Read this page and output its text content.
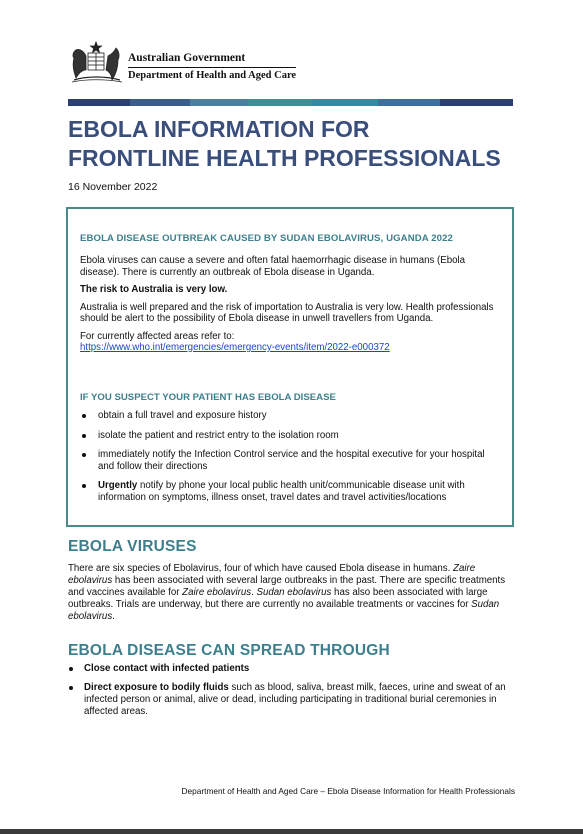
Australian Government
Department of Health and Aged Care
EBOLA INFORMATION FOR
FRONTLINE HEALTH PROFESSIONALS
16 November 2022
EBOLA DISEASE OUTBREAK CAUSED BY SUDAN EBOLAVIRUS, UGANDA 2022

Ebola viruses can cause a severe and often fatal haemorrhagic disease in humans (Ebola disease). There is currently an outbreak of Ebola disease in Uganda.

The risk to Australia is very low.

Australia is well prepared and the risk of importation to Australia is very low. Health professionals should be alert to the possibility of Ebola disease in unwell travellers from Uganda.

For currently affected areas refer to:
https://www.who.int/emergencies/emergency-events/item/2022-e000372

IF YOU SUSPECT YOUR PATIENT HAS EBOLA DISEASE
obtain a full travel and exposure history
isolate the patient and restrict entry to the isolation room
immediately notify the Infection Control service and the hospital executive for your hospital and follow their directions
Urgently notify by phone your local public health unit/communicable disease unit with information on symptoms, illness onset, travel dates and travel activities/locations
EBOLA VIRUSES

There are six species of Ebolavirus, four of which have caused Ebola disease in humans. Zaire ebolavirus has been associated with several large outbreaks in the past. There are specific treatments and vaccines available for Zaire ebolavirus. Sudan ebolavirus has also been associated with large outbreaks. Trials are underway, but there are currently no available treatments or vaccines for Sudan ebolavirus.

EBOLA DISEASE CAN SPREAD THROUGH
Close contact with infected patients
Direct exposure to bodily fluids such as blood, saliva, breast milk, faeces, urine and sweat of an infected person or animal, alive or dead, including participating in traditional burial ceremonies in affected areas.
Department of Health and Aged Care – Ebola Disease Information for Health Professionals
